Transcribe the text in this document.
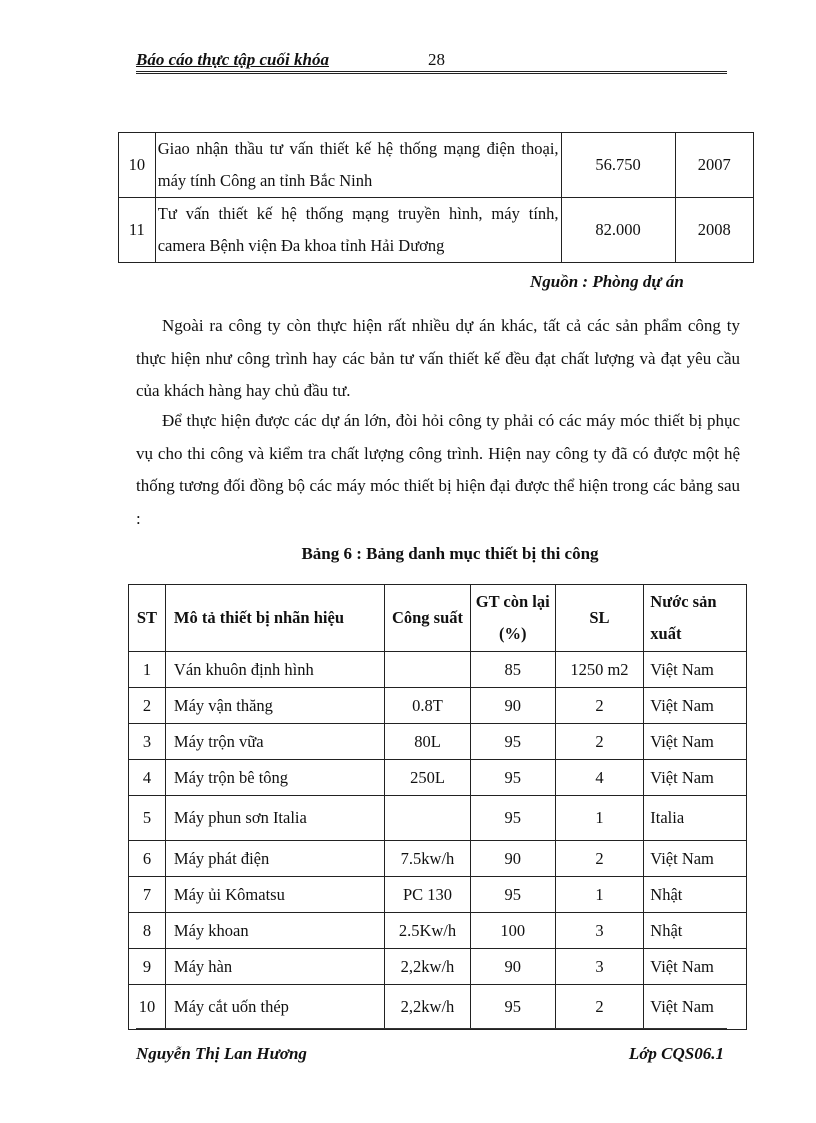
Báo cáo thực tập cuối khóa	28
10	Giao nhận thầu tư vấn thiết kế hệ thống mạng điện thoại, máy tính Công an tỉnh Bắc Ninh	56.750	2007
11	Tư vấn thiết kế hệ thống mạng truyền hình, máy tính, camera Bệnh viện Đa khoa tỉnh Hải Dương	82.000	2008
Nguồn : Phòng dự án

Ngoài ra công ty còn thực hiện rất nhiều dự án khác, tất cả các sản phẩm công ty thực hiện như công trình hay các bản tư vấn thiết kế đều đạt chất lượng và đạt yêu cầu của khách hàng hay chủ đầu tư.

Để thực hiện được các dự án lớn, đòi hỏi công ty phải có các máy móc thiết bị phục vụ cho thi công và kiểm tra chất lượng công trình. Hiện nay công ty đã có được một hệ thống tương đối đồng bộ các máy móc thiết bị hiện đại được thể hiện trong các bảng sau :

Bảng 6 : Bảng danh mục thiết bị thi công
ST	Mô tả thiết bị nhãn hiệu	Công suất	GT còn lại (%)	SL	Nước sản xuất
1	Ván khuôn định hình		85	1250 m2	Việt Nam
2	Máy vận thăng	0.8T	90	2	Việt Nam
3	Máy trộn vữa	80L	95	2	Việt Nam
4	Máy trộn bê tông	250L	95	4	Việt Nam
5	Máy phun sơn Italia		95	1	Italia
6	Máy phát điện	7.5kw/h	90	2	Việt Nam
7	Máy ủi Kômatsu	PC 130	95	1	Nhật
8	Máy khoan	2.5Kw/h	100	3	Nhật
9	Máy hàn	2,2kw/h	90	3	Việt Nam
10	Máy cắt uốn thép	2,2kw/h	95	2	Việt Nam
Nguyễn Thị Lan Hương	Lớp CQS06.1
